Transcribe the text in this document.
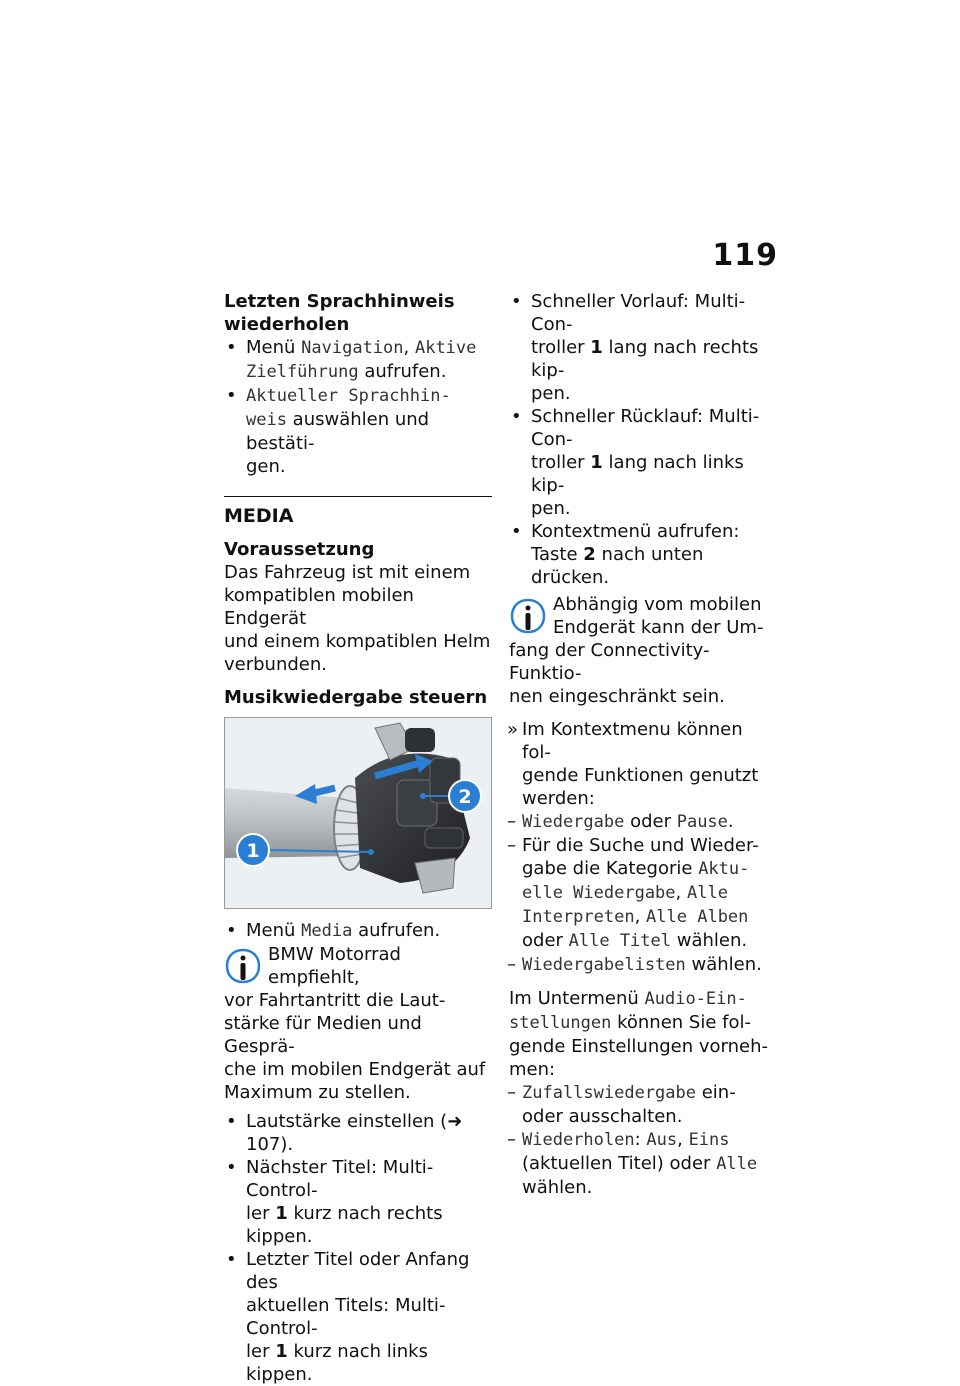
119
Letzten Sprachhinweis
wiederholen
• Menü Navigation, Aktive
Zielführung aufrufen.
• Aktueller Sprachhin-
weis auswählen und bestäti-
gen.
MEDIA
Voraussetzung
Das Fahrzeug ist mit einem
kompatiblen mobilen Endgerät
und einem kompatiblen Helm
verbunden.
Musikwiedergabe steuern
1
2
• Menü Media aufrufen.
BMW Motorrad empfiehlt,
vor Fahrtantritt die Laut-
stärke für Medien und Gesprä-
che im mobilen Endgerät auf
Maximum zu stellen.
• Lautstärke einstellen (➜ 107).
• Nächster Titel: Multi-Control-
ler 1 kurz nach rechts kippen.
• Letzter Titel oder Anfang des
aktuellen Titels: Multi-Control-
ler 1 kurz nach links kippen.
• Schneller Vorlauf: Multi-Con-
troller 1 lang nach rechts kip-
pen.
• Schneller Rücklauf: Multi-Con-
troller 1 lang nach links kip-
pen.
• Kontextmenü aufrufen:
Taste 2 nach unten drücken.
Abhängig vom mobilen
Endgerät kann der Um-
fang der Connectivity-Funktio-
nen eingeschränkt sein.
» Im Kontextmenu können fol-
gende Funktionen genutzt
werden:
– Wiedergabe oder Pause.
– Für die Suche und Wieder-
gabe die Kategorie Aktu-
elle Wiedergabe, Alle
Interpreten, Alle Alben
oder Alle Titel wählen.
– Wiedergabelisten wählen.
Im Untermenü Audio-Ein-
stellungen können Sie fol-
gende Einstellungen vorneh-
men:
– Zufallswiedergabe ein-
oder ausschalten.
– Wiederholen: Aus, Eins
(aktuellen Titel) oder Alle
wählen.
